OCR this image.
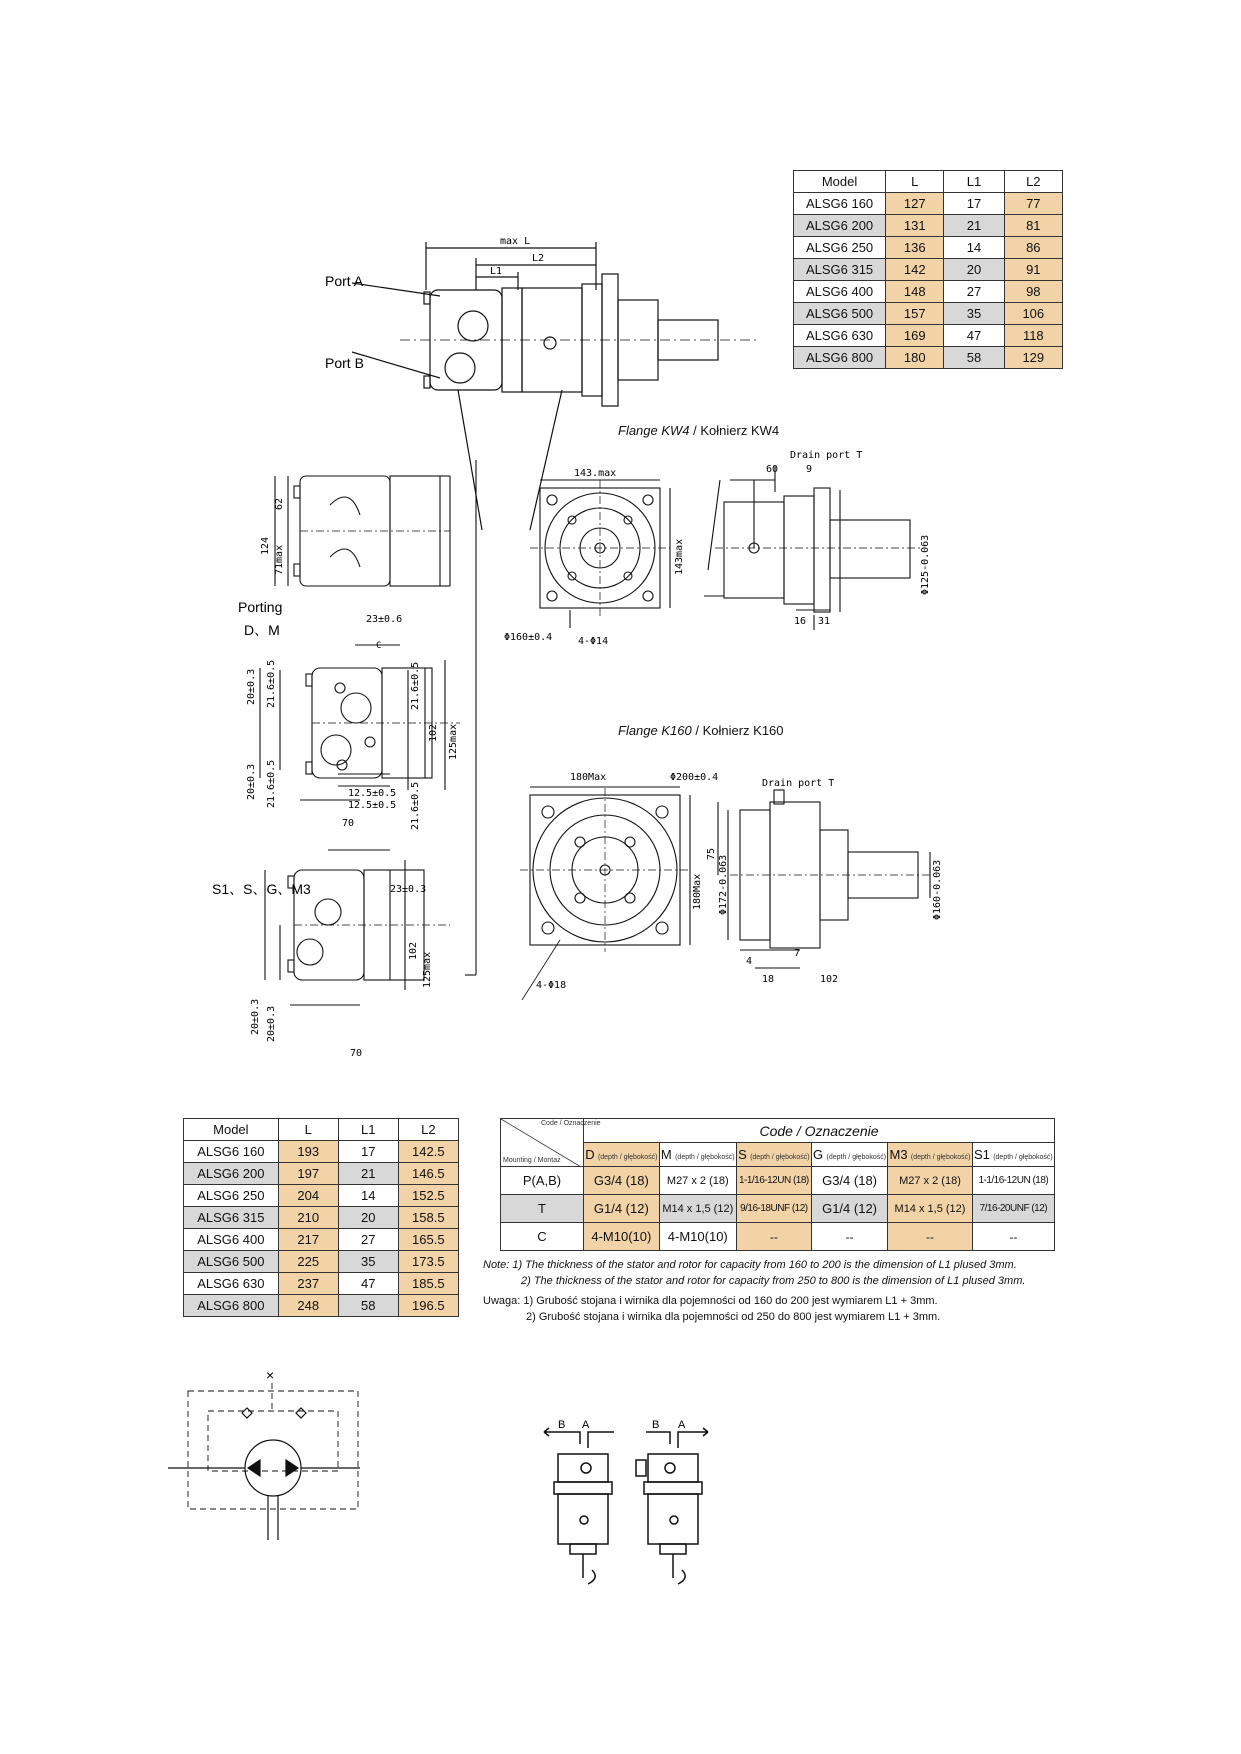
Port A
Port B
max L
L2
L1
Model	L	L1	L2
ALSG6 160	127	17	77
ALSG6 200	131	21	81
ALSG6 250	136	14	86
ALSG6 315	142	20	91
ALSG6 400	148	27	98
ALSG6 500	157	35	106
ALSG6 630	169	47	118
ALSG6 800	180	58	129
124
62
71max
Porting
D、M
23±0.6
C
20±0.3 21.6±0.5	21.6±0.5
102 125max
20±0.3 21.6±0.5	21.6±0.5
12.5±0.5
12.5±0.5
70
S1、S、G、M3	23±0.3
102
125max
20±0.3 20±0.3
70
143.max
143max
Φ160±0.4	4-Φ14
60	9
Drain port T
16 31
Φ125-0.063
Flange KW4 / Kołnierz KW4
180Max	Φ200±0.4
180Max
Drain port T
75
Φ172-0.063	Φ160-0.063
4-Φ18
4
7
18	102
Flange K160 / Kołnierz K160
Model	L	L1	L2
ALSG6 160	193	17	142.5
ALSG6 200	197	21	146.5
ALSG6 250	204	14	152.5
ALSG6 315	210	20	158.5
ALSG6 400	217	27	165.5
ALSG6 500	225	35	173.5
ALSG6 630	237	47	185.5
ALSG6 800	248	58	196.5
Code / Oznaczenie
Mounting / Montaż	Code / Oznaczenie					
	D (depth / głębokość)	M (depth / głębokość)	S (depth / głębokość)	G (depth / głębokość)	M3 (depth / głębokość)	S1 (depth / głębokość)
P(A,B)	G3/4 (18)	M27 x 2 (18)	1-1/16-12UN (18)	G3/4 (18)	M27 x 2 (18)	1-1/16-12UN (18)
T	G1/4 (12)	M14 x 1,5 (12)	9/16-18UNF (12)	G1/4 (12)	M14 x 1,5 (12)	7/16-20UNF (12)
C	4-M10(10)	4-M10(10)	--	--	--	--
Note: 1) The thickness of the stator and rotor for capacity from 160 to 200 is the dimension of L1 plused 3mm.
2) The thickness of the stator and rotor for capacity from 250 to 800 is the dimension of L1 plused 3mm.
Uwaga: 1) Grubość stojana i wirnika dla pojemności od 160 do 200 jest wymiarem L1 + 3mm.
2) Grubość stojana i wirnika dla pojemności od 250 do 800 jest wymiarem L1 + 3mm.
×
B A	B A
